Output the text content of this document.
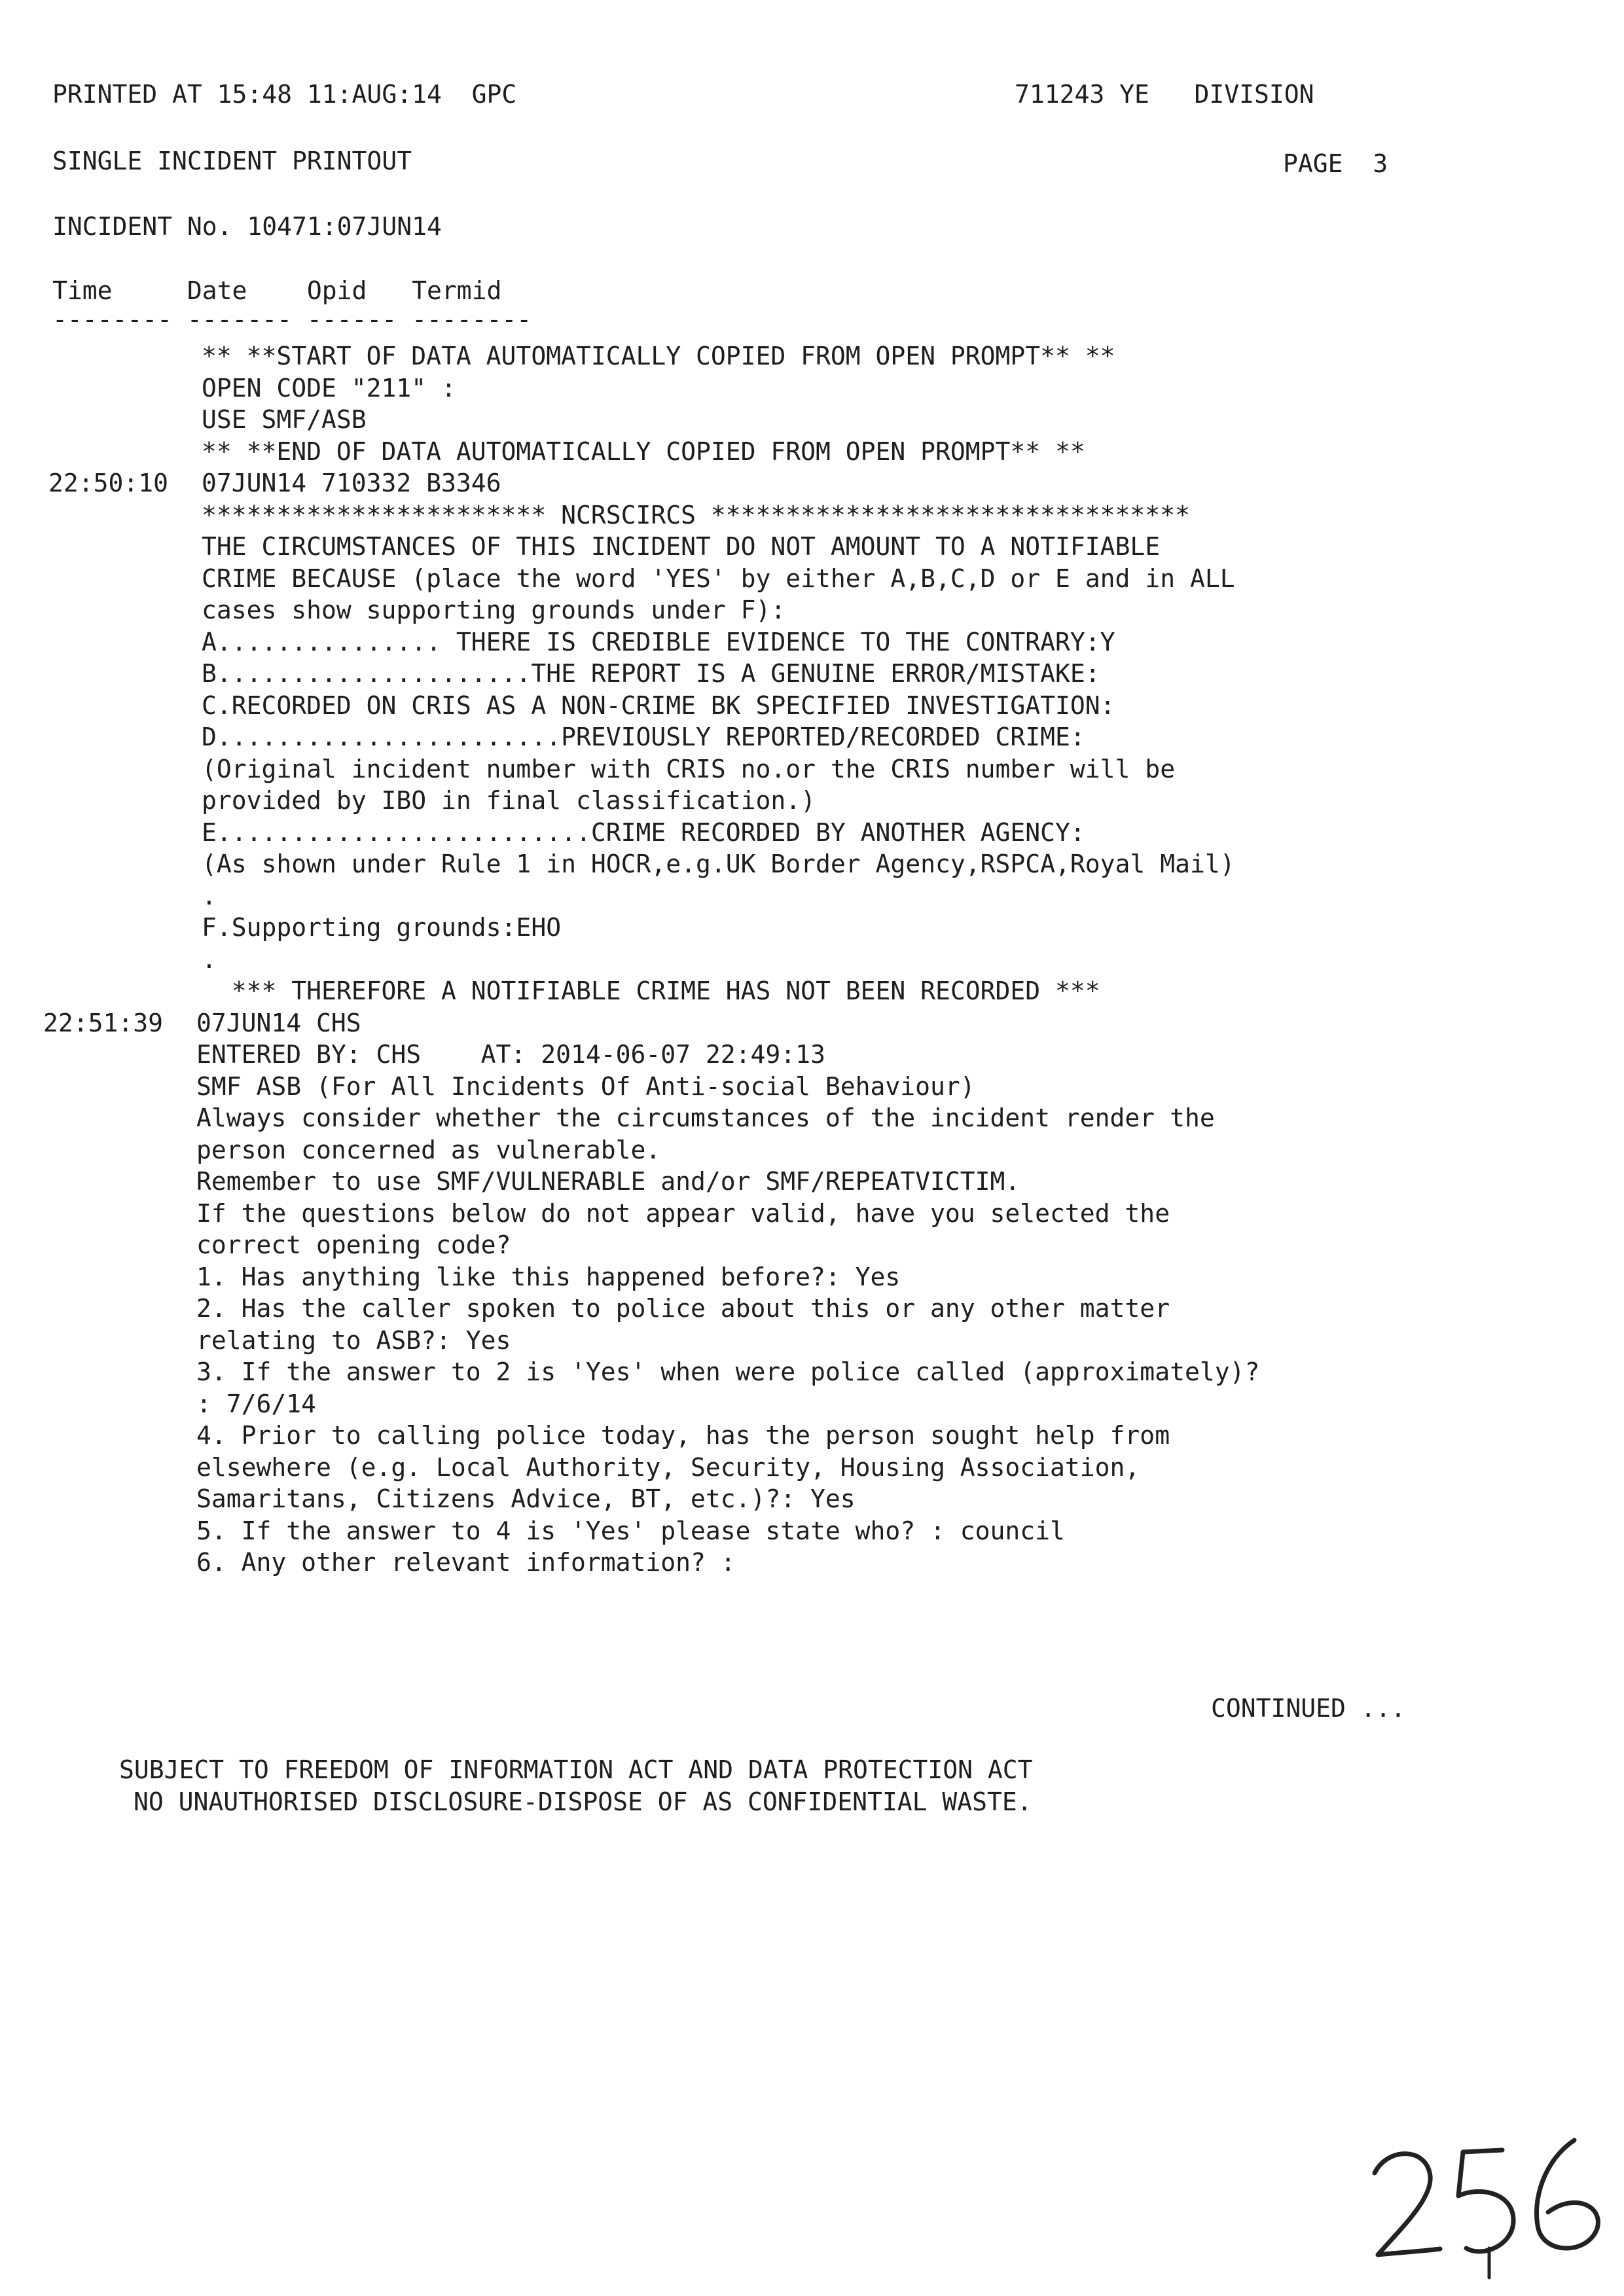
PRINTED AT 15:48 11:AUG:14  GPC	711243 YE   DIVISION
SINGLE INCIDENT PRINTOUT	PAGE  3
INCIDENT No. 10471:07JUN14
Time     Date    Opid   Termid
-------- ------- ------ --------
** **START OF DATA AUTOMATICALLY COPIED FROM OPEN PROMPT** **
OPEN CODE "211" :
USE SMF/ASB
** **END OF DATA AUTOMATICALLY COPIED FROM OPEN PROMPT** **
22:50:10 07JUN14 710332 B3346
*********************** NCRSCIRCS ********************************
THE CIRCUMSTANCES OF THIS INCIDENT DO NOT AMOUNT TO A NOTIFIABLE
CRIME BECAUSE (place the word 'YES' by either A,B,C,D or E and in ALL
cases show supporting grounds under F):
A............... THERE IS CREDIBLE EVIDENCE TO THE CONTRARY:Y
B.....................THE REPORT IS A GENUINE ERROR/MISTAKE:
C.RECORDED ON CRIS AS A NON-CRIME BK SPECIFIED INVESTIGATION:
D.......................PREVIOUSLY REPORTED/RECORDED CRIME:
(Original incident number with CRIS no.or the CRIS number will be
provided by IBO in final classification.)
E.........................CRIME RECORDED BY ANOTHER AGENCY:
(As shown under Rule 1 in HOCR,e.g.UK Border Agency,RSPCA,Royal Mail)
.
F.Supporting grounds:EHO
.
*** THEREFORE A NOTIFIABLE CRIME HAS NOT BEEN RECORDED ***
22:51:39 07JUN14 CHS
ENTERED BY: CHS    AT: 2014-06-07 22:49:13
SMF ASB (For All Incidents Of Anti-social Behaviour)
Always consider whether the circumstances of the incident render the
person concerned as vulnerable.
Remember to use SMF/VULNERABLE and/or SMF/REPEATVICTIM.
If the questions below do not appear valid, have you selected the
correct opening code?
1. Has anything like this happened before?: Yes
2. Has the caller spoken to police about this or any other matter
relating to ASB?: Yes
3. If the answer to 2 is 'Yes' when were police called (approximately)?
: 7/6/14
4. Prior to calling police today, has the person sought help from
elsewhere (e.g. Local Authority, Security, Housing Association,
Samaritans, Citizens Advice, BT, etc.)?: Yes
5. If the answer to 4 is 'Yes' please state who? : council
6. Any other relevant information? :
CONTINUED ...
SUBJECT TO FREEDOM OF INFORMATION ACT AND DATA PROTECTION ACT
NO UNAUTHORISED DISCLOSURE-DISPOSE OF AS CONFIDENTIAL WASTE.
